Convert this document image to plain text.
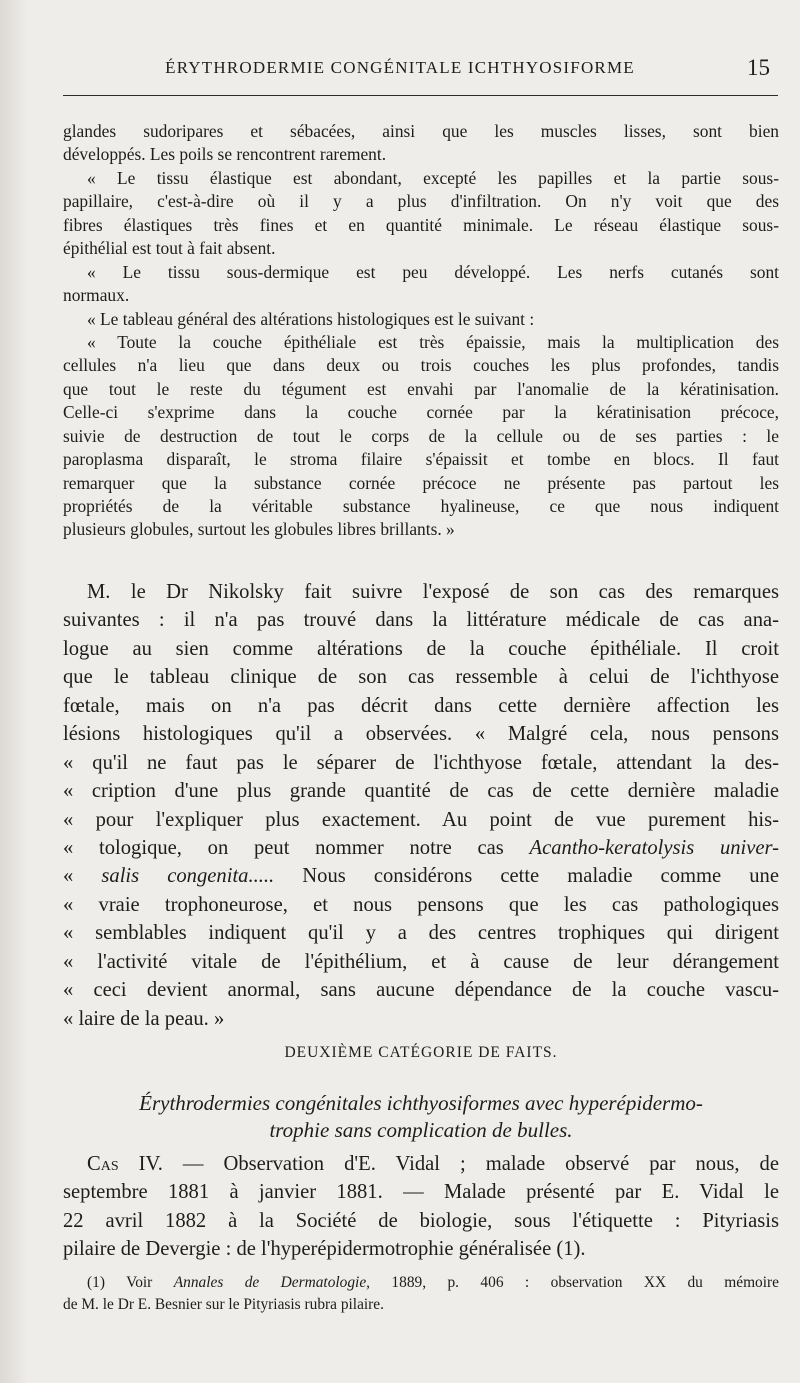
ÉRYTHRODERMIE CONGÉNITALE ICHTHYOSIFORME	15
glandes sudoripares et sébacées, ainsi que les muscles lisses, sont bien
développés. Les poils se rencontrent rarement.
« Le tissu élastique est abondant, excepté les papilles et la partie sous-
papillaire, c'est-à-dire où il y a plus d'infiltration. On n'y voit que des
fibres élastiques très fines et en quantité minimale. Le réseau élastique sous-
épithélial est tout à fait absent.
« Le tissu sous-dermique est peu développé. Les nerfs cutanés sont
normaux.
« Le tableau général des altérations histologiques est le suivant :
« Toute la couche épithéliale est très épaissie, mais la multiplication des
cellules n'a lieu que dans deux ou trois couches les plus profondes, tandis
que tout le reste du tégument est envahi par l'anomalie de la kératinisation.
Celle-ci s'exprime dans la couche cornée par la kératinisation précoce,
suivie de destruction de tout le corps de la cellule ou de ses parties : le
paroplasma disparaît, le stroma filaire s'épaissit et tombe en blocs. Il faut
remarquer que la substance cornée précoce ne présente pas partout les
propriétés de la véritable substance hyalineuse, ce que nous indiquent
plusieurs globules, surtout les globules libres brillants. »
M. le Dr Nikolsky fait suivre l'exposé de son cas des remarques
suivantes : il n'a pas trouvé dans la littérature médicale de cas ana-
logue au sien comme altérations de la couche épithéliale. Il croit
que le tableau clinique de son cas ressemble à celui de l'ichthyose
fœtale, mais on n'a pas décrit dans cette dernière affection les
lésions histologiques qu'il a observées. « Malgré cela, nous pensons
« qu'il ne faut pas le séparer de l'ichthyose fœtale, attendant la des-
« cription d'une plus grande quantité de cas de cette dernière maladie
« pour l'expliquer plus exactement. Au point de vue purement his-
« tologique, on peut nommer notre cas Acantho-keratolysis univer-
« salis congenita..... Nous considérons cette maladie comme une
« vraie trophoneurose, et nous pensons que les cas pathologiques
« semblables indiquent qu'il y a des centres trophiques qui dirigent
« l'activité vitale de l'épithélium, et à cause de leur dérangement
« ceci devient anormal, sans aucune dépendance de la couche vascu-
« laire de la peau. »
DEUXIÈME CATÉGORIE DE FAITS.
Érythrodermies congénitales ichthyosiformes avec hyperépidermo-
trophie sans complication de bulles.
Cas IV. — Observation d'E. Vidal ; malade observé par nous, de
septembre 1881 à janvier 1881. — Malade présenté par E. Vidal le
22 avril 1882 à la Société de biologie, sous l'étiquette : Pityriasis
pilaire de Devergie : de l'hyperépidermotrophie généralisée (1).
(1) Voir Annales de Dermatologie, 1889, p. 406 : observation XX du mémoire
de M. le Dr E. Besnier sur le Pityriasis rubra pilaire.
